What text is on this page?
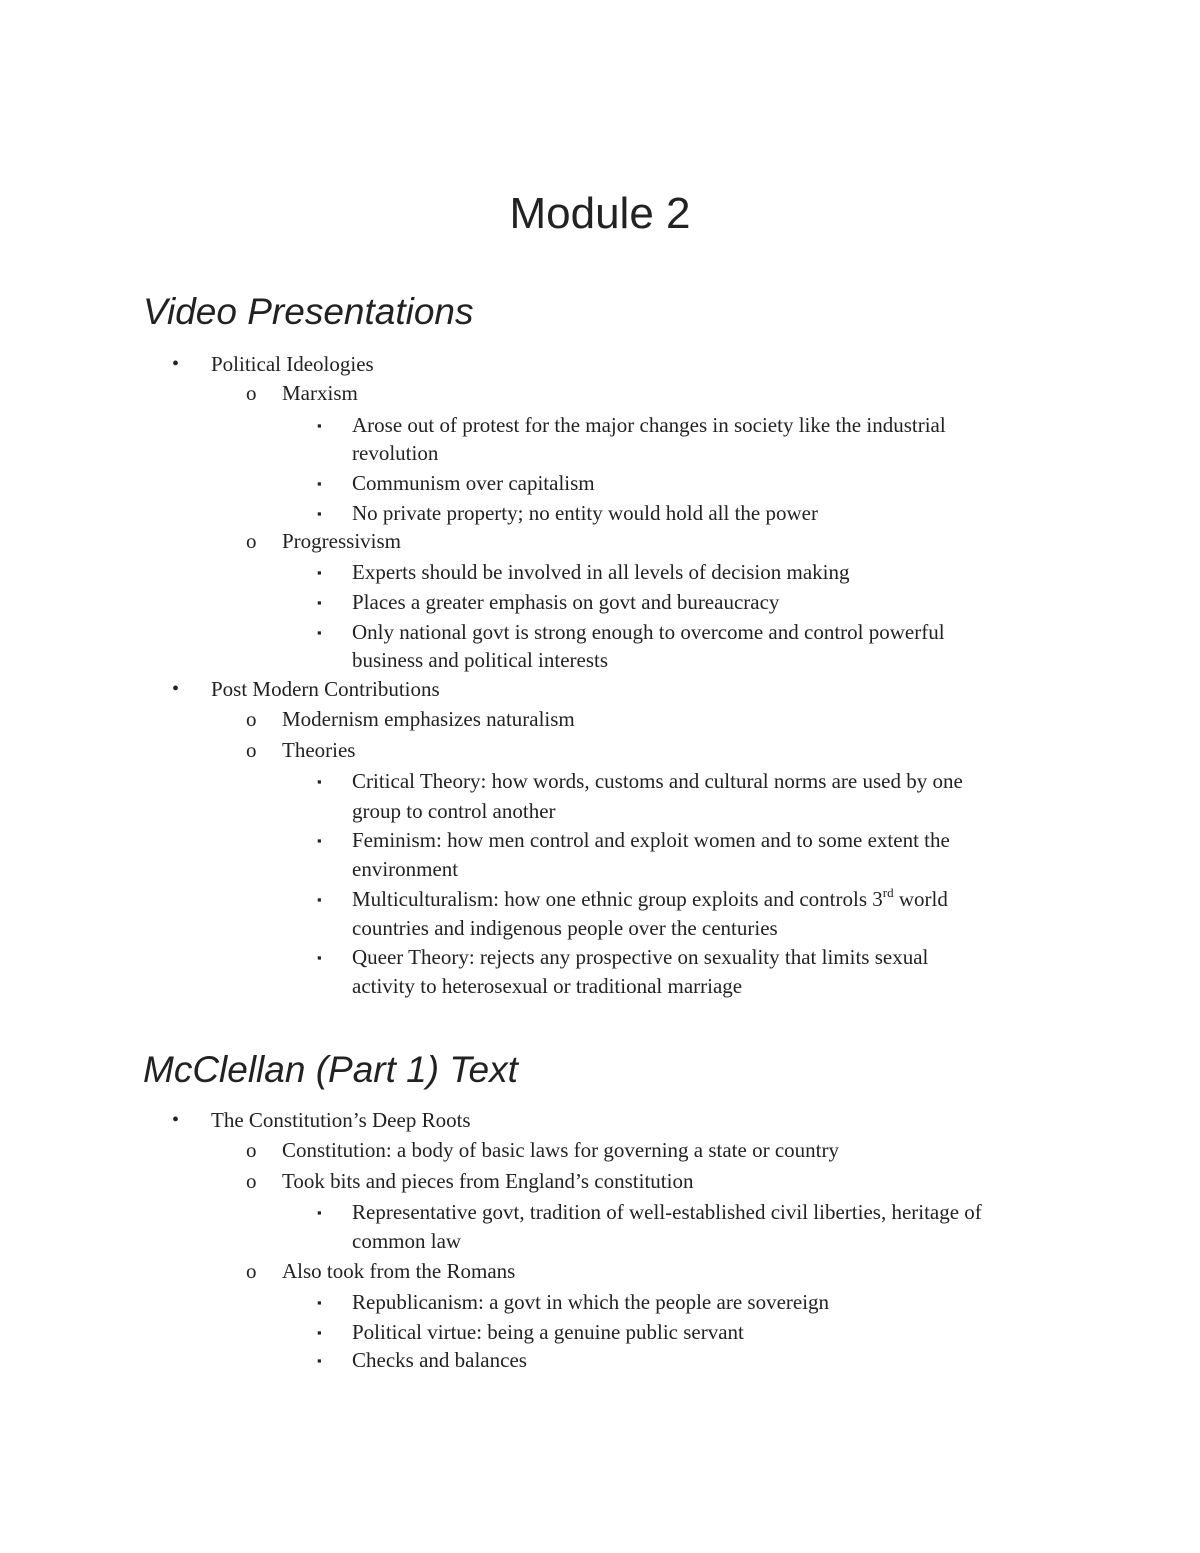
Module 2
Video Presentations
• Political Ideologies
o Marxism
▪ Arose out of protest for the major changes in society like the industrial
revolution
▪ Communism over capitalism
▪ No private property; no entity would hold all the power
o Progressivism
▪ Experts should be involved in all levels of decision making
▪ Places a greater emphasis on govt and bureaucracy
▪ Only national govt is strong enough to overcome and control powerful
business and political interests
• Post Modern Contributions
o Modernism emphasizes naturalism
o Theories
▪ Critical Theory: how words, customs and cultural norms are used by one
group to control another
▪ Feminism: how men control and exploit women and to some extent the
environment
▪ Multiculturalism: how one ethnic group exploits and controls 3rd world
countries and indigenous people over the centuries
▪ Queer Theory: rejects any prospective on sexuality that limits sexual
activity to heterosexual or traditional marriage
McClellan (Part 1) Text
• The Constitution’s Deep Roots
o Constitution: a body of basic laws for governing a state or country
o Took bits and pieces from England’s constitution
▪ Representative govt, tradition of well-established civil liberties, heritage of
common law
o Also took from the Romans
▪ Republicanism: a govt in which the people are sovereign
▪ Political virtue: being a genuine public servant
▪ Checks and balances
